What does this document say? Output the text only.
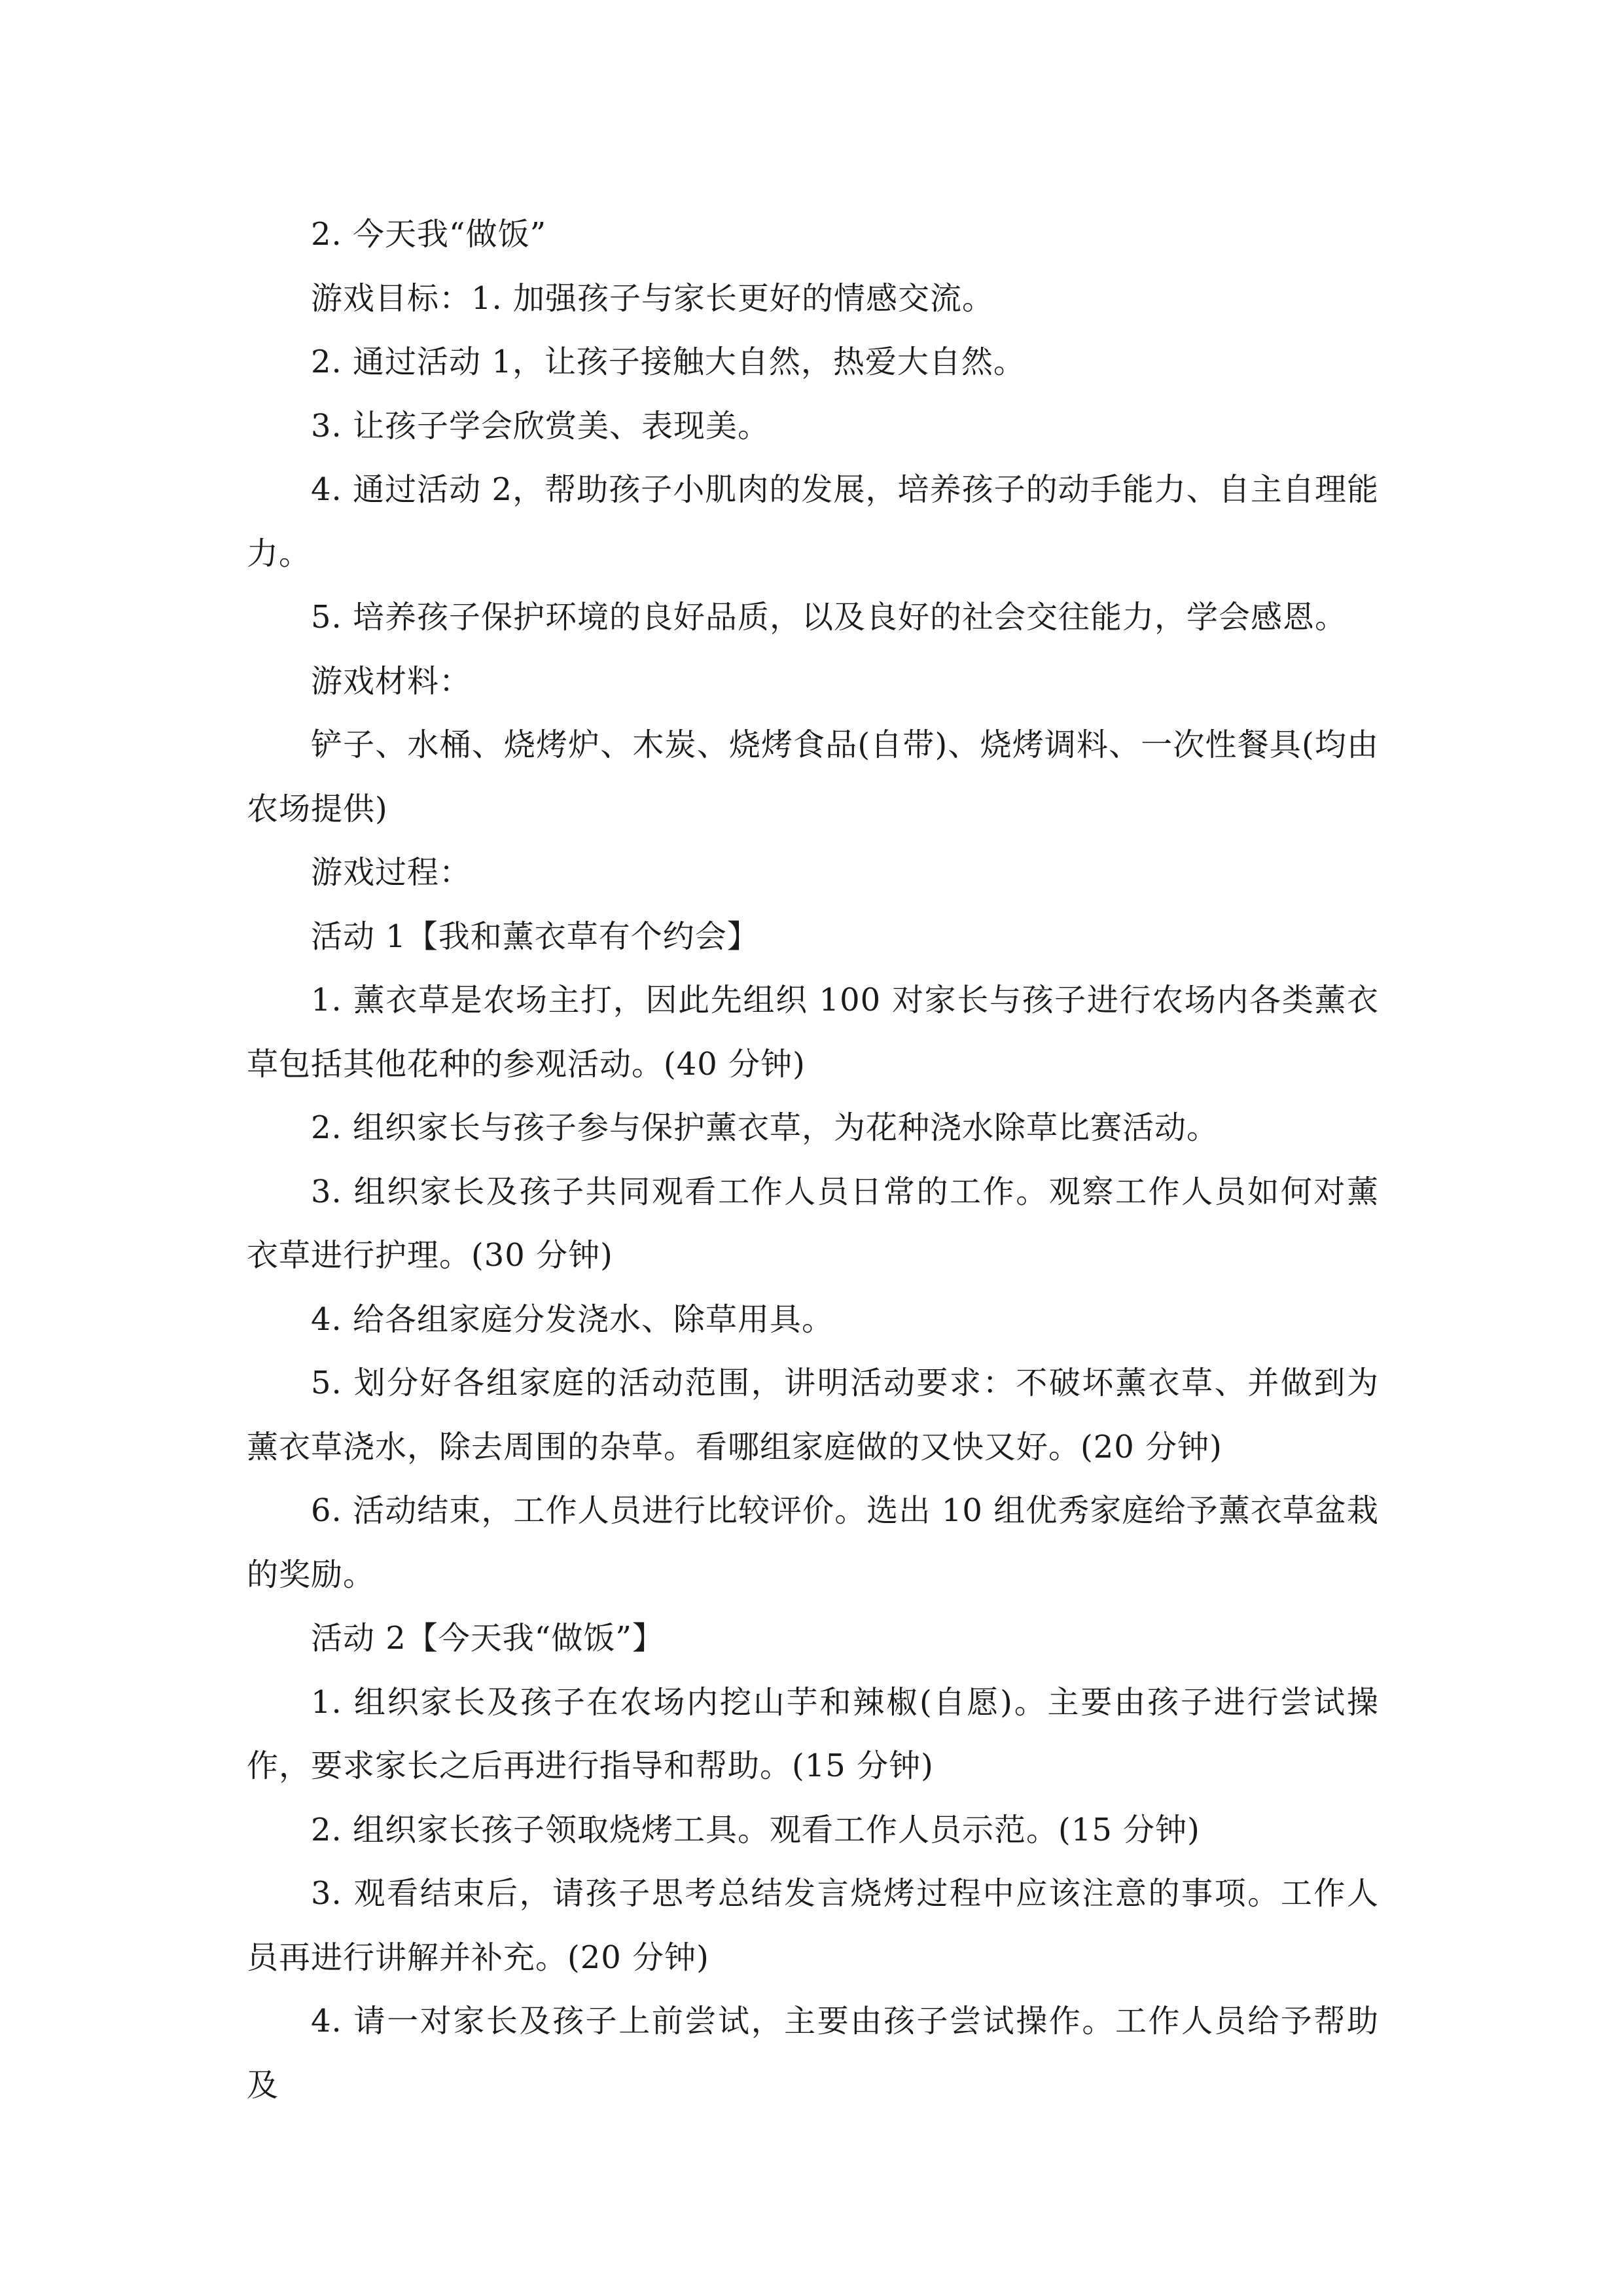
2. 今天我“做饭”

游戏目标：1. 加强孩子与家长更好的情感交流。

2. 通过活动 1，让孩子接触大自然，热爱大自然。

3. 让孩子学会欣赏美、表现美。

4. 通过活动 2，帮助孩子小肌肉的发展，培养孩子的动手能力、自主自理能力。

5. 培养孩子保护环境的良好品质，以及良好的社会交往能力，学会感恩。

游戏材料：

铲子、水桶、烧烤炉、木炭、烧烤食品(自带)、烧烤调料、一次性餐具(均由农场提供)

游戏过程：

活动 1【我和薰衣草有个约会】

1. 薰衣草是农场主打，因此先组织 100 对家长与孩子进行农场内各类薰衣草包括其他花种的参观活动。(40 分钟)

2. 组织家长与孩子参与保护薰衣草，为花种浇水除草比赛活动。

3. 组织家长及孩子共同观看工作人员日常的工作。观察工作人员如何对薰衣草进行护理。(30 分钟)

4. 给各组家庭分发浇水、除草用具。

5. 划分好各组家庭的活动范围，讲明活动要求：不破坏薰衣草、并做到为薰衣草浇水，除去周围的杂草。看哪组家庭做的又快又好。(20 分钟)

6. 活动结束，工作人员进行比较评价。选出 10 组优秀家庭给予薰衣草盆栽的奖励。

活动 2【今天我“做饭”】

1. 组织家长及孩子在农场内挖山芋和辣椒(自愿)。主要由孩子进行尝试操作，要求家长之后再进行指导和帮助。(15 分钟)

2. 组织家长孩子领取烧烤工具。观看工作人员示范。(15 分钟)

3. 观看结束后，请孩子思考总结发言烧烤过程中应该注意的事项。工作人员再进行讲解并补充。(20 分钟)

4. 请一对家长及孩子上前尝试，主要由孩子尝试操作。工作人员给予帮助及
